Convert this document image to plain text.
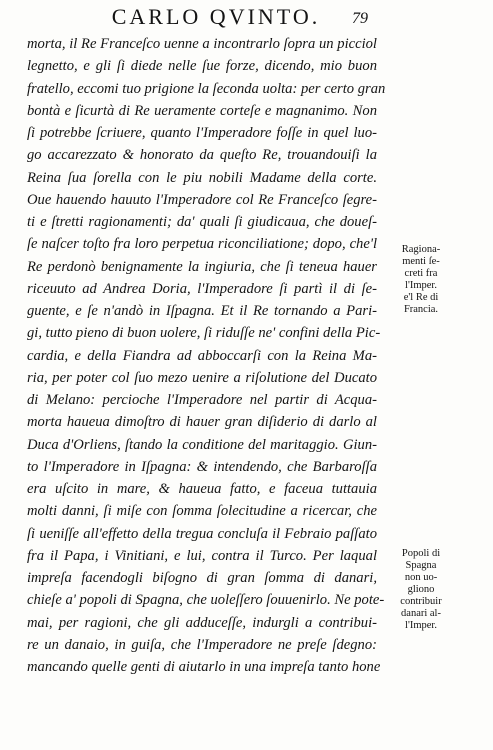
CARLO QVINTO.	79
morta, il Re Franceſco uenne a incontrarlo ſopra un picciol
legnetto, e gli ſi diede nelle ſue forze, dicendo, mio buon
fratello, eccomi tuo prigione la ſeconda uolta: per certo gran
bontà e ſicurtà di Re ueramente corteſe e magnanimo. Non
ſi potrebbe ſcriuere, quanto l'Imperadore foſſe in quel luo-
go accarezzato & honorato da queſto Re, trouandouiſi la
Reina ſua ſorella con le piu nobili Madame della corte.
Oue hauendo hauuto l'Imperadore col Re Franceſco ſegre-
ti e ſtretti ragionamenti; da' quali ſi giudicaua, che doueſ-
ſe naſcer toſto fra loro perpetua riconciliatione; dopo, che'l
Re perdonò benignamente la ingiuria, che ſi teneua hauer
riceuuto ad Andrea Doria, l'Imperadore ſi partì il di ſe-
guente, e ſe n'andò in Iſpagna. Et il Re tornando a Pari-
gi, tutto pieno di buon uolere, ſi riduſſe ne' confini della Pic-
cardia, e della Fiandra ad abboccarſi con la Reina Ma-
ria, per poter col ſuo mezo uenire a riſolutione del Ducato
di Melano: percioche l'Imperadore nel partir di Acqua-
morta haueua dimoſtro di hauer gran diſiderio di darlo al
Duca d'Orliens, ſtando la conditione del maritaggio. Giun-
to l'Imperadore in Iſpagna: & intendendo, che Barbaroſſa
era uſcito in mare, & haueua fatto, e faceua tuttauia
molti danni, ſi miſe con ſomma ſolecitudine a ricercar, che
ſi ueniſſe all'effetto della tregua concluſa il Febraio paſſato
fra il Papa, i Vinitiani, e lui, contra il Turco. Per laqual
impreſa facendogli biſogno di gran ſomma di danari,
chieſe a' popoli di Spagna, che uoleſſero ſouuenirlo. Ne pote-
mai, per ragioni, che gli adduceſſe, indurgli a contribui-
re un danaio, in guiſa, che l'Imperadore ne preſe ſdegno:
mancando quelle genti di aiutarlo in una impreſa tanto hone
Ragiona-
menti ſe-
creti fra
l'Imper.
e'l Re di
Francia.
Popoli di
Spagna
non uo-
gliono
contribuir
danari al-
l'Imper.
